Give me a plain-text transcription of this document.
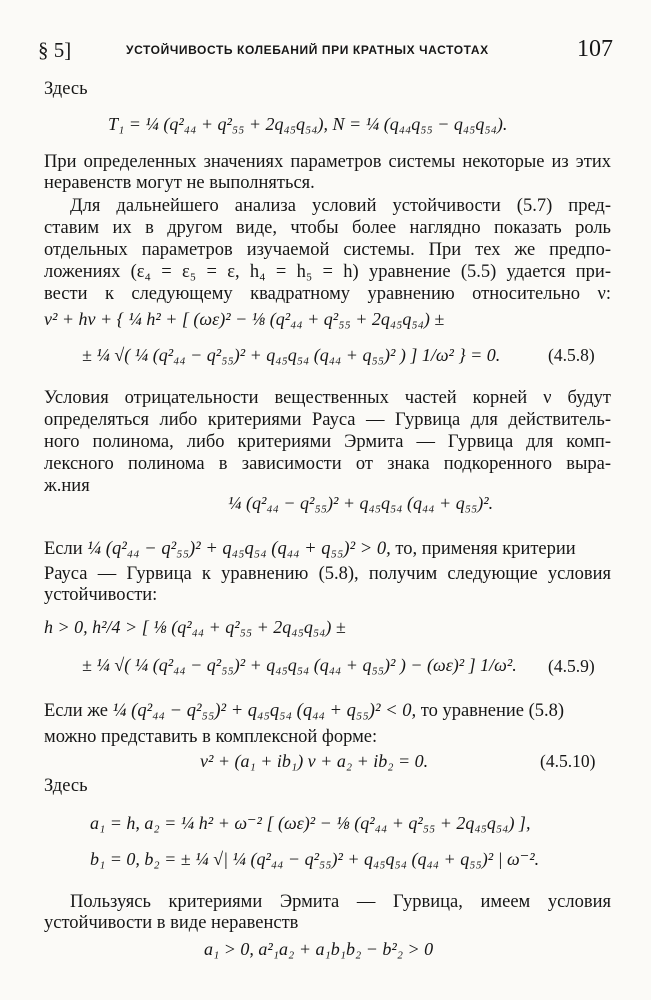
§ 5]	УСТОЙЧИВОСТЬ КОЛЕБАНИЙ ПРИ КРАТНЫХ ЧАСТОТАХ	107
Здесь
T₁ = ¼ (q²₄₄ + q²₅₅ + 2q₄₅q₅₄), N = ¼ (q₄₄q₅₅ − q₄₅q₅₄).
При определенных значениях параметров системы некоторые из этих неравенств могут не выполняться.
Для дальнейшего анализа условий устойчивости (5.7) пред-
ставим их в другом виде, чтобы более наглядно показать роль
отдельных параметров изучаемой системы. При тех же предпо-
ложениях (ε₄ = ε₅ = ε, h₄ = h₅ = h) уравнение (5.5) удается при-
вести к следующему квадратному уравнению относительно ν:
ν² + hν + { ¼ h² + [ (ωε)² − ⅛ (q²₄₄ + q²₅₅ + 2q₄₅q₅₄) ±
± ¼ √( ¼ (q²₄₄ − q²₅₅)² + q₄₅q₅₄ (q₄₄ + q₅₅)² ) ] 1/ω² } = 0.	(4.5.8)
Условия отрицательности вещественных частей корней ν будут
определяться либо критериями Рауса — Гурвица для действитель-
ного полинома, либо критериями Эрмита — Гурвица для комп-
лексного полинома в зависимости от знака подкоренного выра-
ж.ния
¼ (q²₄₄ − q²₅₅)² + q₄₅q₅₄ (q₄₄ + q₅₅)².
Если ¼ (q²₄₄ − q²₅₅)² + q₄₅q₅₄ (q₄₄ + q₅₅)² > 0, то, применяя критерии
Рауса — Гурвица к уравнению (5.8), получим следующие условия
устойчивости:
h > 0, h²/4 > [ ⅛ (q²₄₄ + q²₅₅ + 2q₄₅q₅₄) ±
± ¼ √( ¼ (q²₄₄ − q²₅₅)² + q₄₅q₅₄ (q₄₄ + q₅₅)² ) − (ωε)² ] 1/ω². (4.5.9)
Если же ¼ (q²₄₄ − q²₅₅)² + q₄₅q₅₄ (q₄₄ + q₅₅)² < 0, то уравнение (5.8)
можно представить в комплексной форме:
ν² + (a₁ + ib₁) ν + a₂ + ib₂ = 0.	(4.5.10)
Здесь
a₁ = h, a₂ = ¼ h² + ω⁻² [ (ωε)² − ⅛ (q²₄₄ + q²₅₅ + 2q₄₅q₅₄) ],
b₁ = 0, b₂ = ± ¼ √| ¼ (q²₄₄ − q²₅₅)² + q₄₅q₅₄ (q₄₄ + q₅₅)² | ω⁻².
Пользуясь критериями Эрмита — Гурвица, имеем условия
устойчивости в виде неравенств
a₁ > 0, a²₁a₂ + a₁b₁b₂ − b²₂ > 0
